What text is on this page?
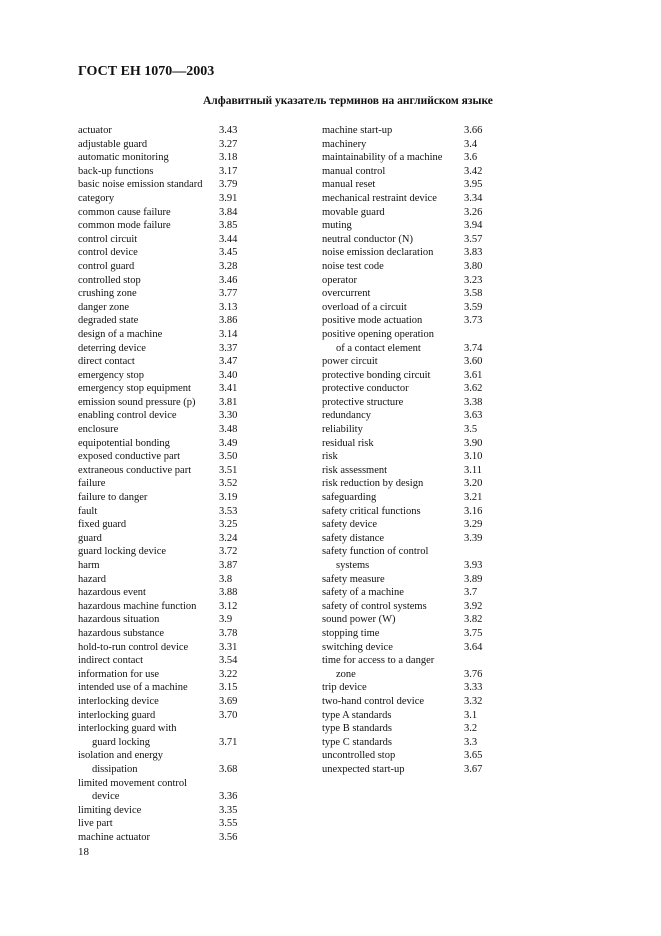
ГОСТ ЕН 1070—2003
Алфавитный указатель терминов на английском языке
actuator	3.43
adjustable guard	3.27
automatic monitoring	3.18
back-up functions	3.17
basic noise emission standard	3.79
category	3.91
common cause failure	3.84
common mode failure	3.85
control circuit	3.44
control device	3.45
control guard	3.28
controlled stop	3.46
crushing zone	3.77
danger zone	3.13
degraded state	3.86
design of a machine	3.14
deterring device	3.37
direct contact	3.47
emergency stop	3.40
emergency stop equipment	3.41
emission sound pressure (p)	3.81
enabling control device	3.30
enclosure	3.48
equipotential bonding	3.49
exposed conductive part	3.50
extraneous conductive part	3.51
failure	3.52
failure to danger	3.19
fault	3.53
fixed guard	3.25
guard	3.24
guard locking device	3.72
harm	3.87
hazard	3.8
hazardous event	3.88
hazardous machine function	3.12
hazardous situation	3.9
hazardous substance	3.78
hold-to-run control device	3.31
indirect contact	3.54
information for use	3.22
intended use of a machine	3.15
interlocking device	3.69
interlocking guard	3.70
interlocking guard with
guard locking	3.71
isolation and energy
dissipation	3.68
limited movement control
device	3.36
limiting device	3.35
live part	3.55
machine actuator	3.56
machine start-up	3.66
machinery	3.4
maintainability of a machine	3.6
manual control	3.42
manual reset	3.95
mechanical restraint device	3.34
movable guard	3.26
muting	3.94
neutral conductor (N)	3.57
noise emission declaration	3.83
noise test code	3.80
operator	3.23
overcurrent	3.58
overload of a circuit	3.59
positive mode actuation	3.73
positive opening operation
of a contact element	3.74
power circuit	3.60
protective bonding circuit	3.61
protective conductor	3.62
protective structure	3.38
redundancy	3.63
reliability	3.5
residual risk	3.90
risk	3.10
risk assessment	3.11
risk reduction by design	3.20
safeguarding	3.21
safety critical functions	3.16
safety device	3.29
safety distance	3.39
safety function of control
systems	3.93
safety measure	3.89
safety of a machine	3.7
safety of control systems	3.92
sound power (W)	3.82
stopping time	3.75
switching device	3.64
time for access to a danger
zone	3.76
trip device	3.33
two-hand control device	3.32
type A standards	3.1
type B standards	3.2
type C standards	3.3
uncontrolled stop	3.65
unexpected start-up	3.67
18
